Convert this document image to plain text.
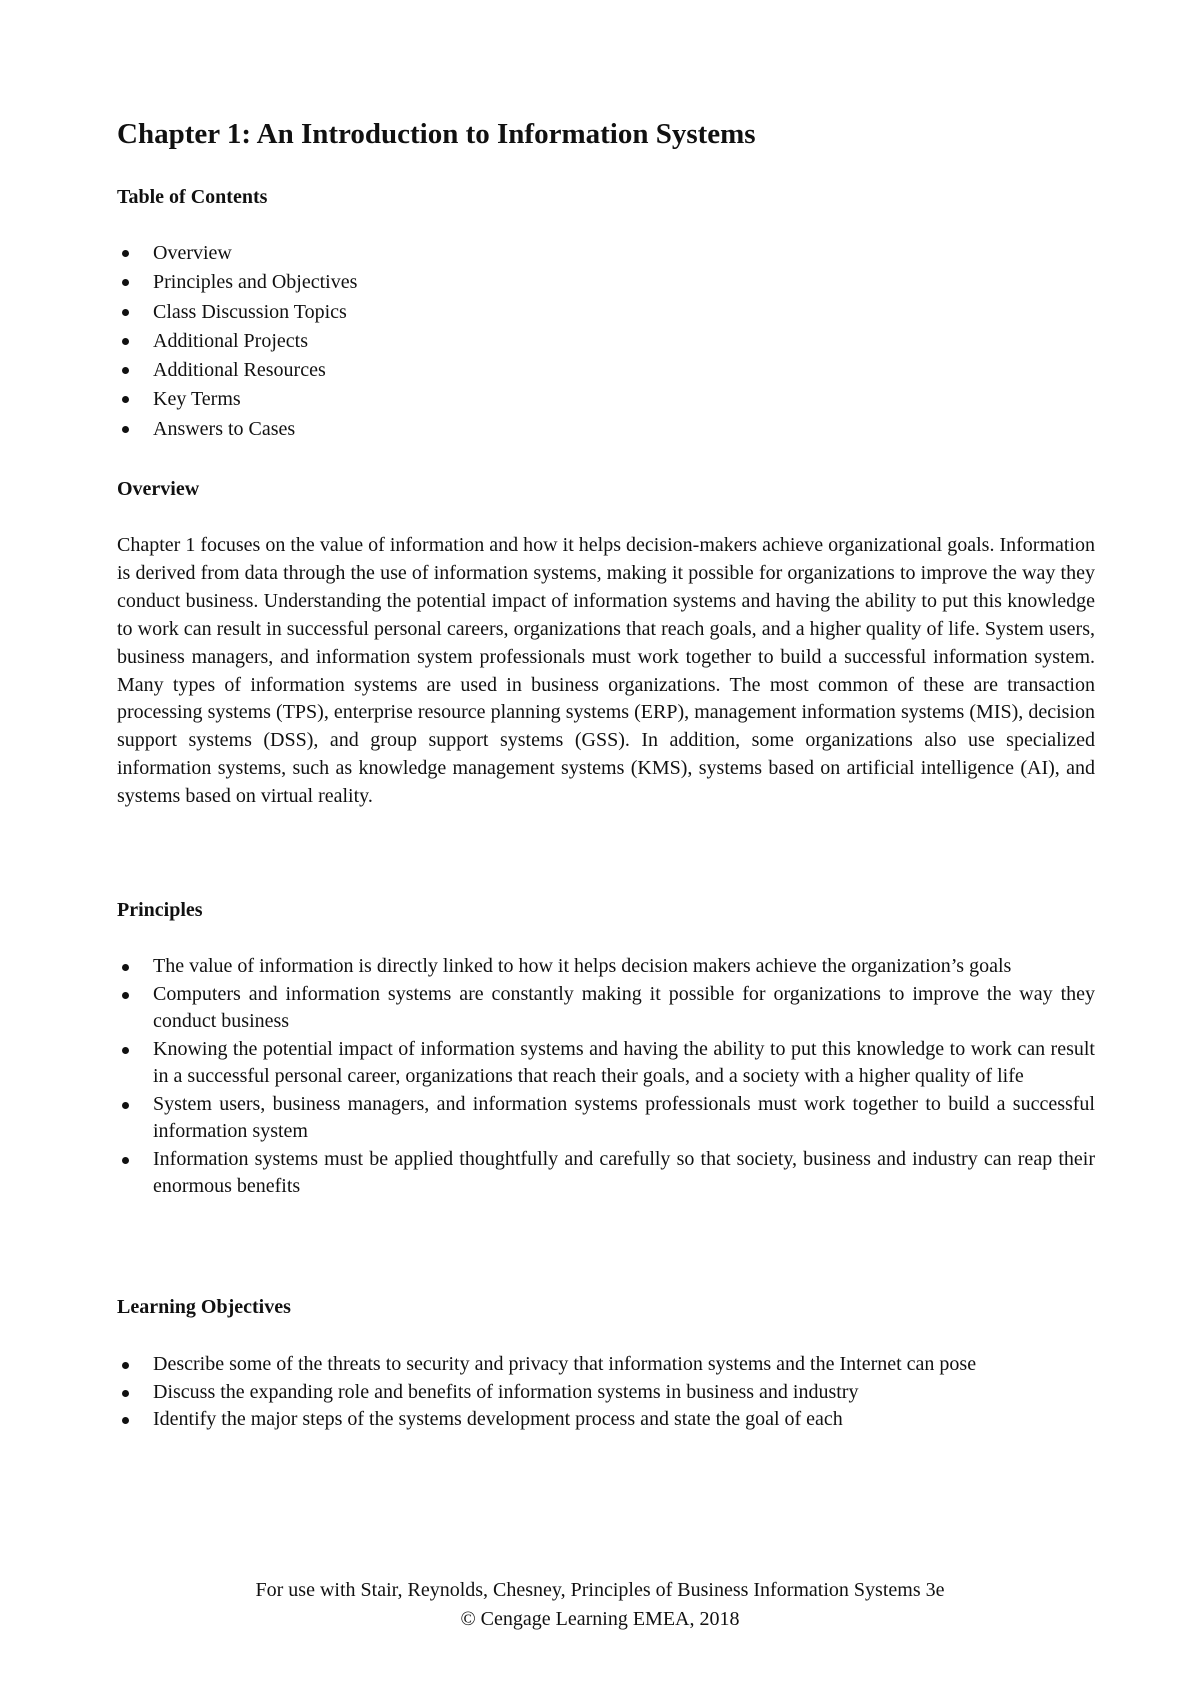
Chapter 1: An Introduction to Information Systems
Table of Contents
Overview
Principles and Objectives
Class Discussion Topics
Additional Projects
Additional Resources
Key Terms
Answers to Cases
Overview

Chapter 1 focuses on the value of information and how it helps decision-makers achieve organizational goals. Information is derived from data through the use of information systems, making it possible for organizations to improve the way they conduct business. Understanding the potential impact of information systems and having the ability to put this knowledge to work can result in successful personal careers, organizations that reach goals, and a higher quality of life. System users, business managers, and information system professionals must work together to build a successful information system. Many types of information systems are used in business organizations. The most common of these are transaction processing systems (TPS), enterprise resource planning systems (ERP), management information systems (MIS), decision support systems (DSS), and group support systems (GSS). In addition, some organizations also use specialized information systems, such as knowledge management systems (KMS), systems based on artificial intelligence (AI), and systems based on virtual reality.

Principles
The value of information is directly linked to how it helps decision makers achieve the organization’s goals
Computers and information systems are constantly making it possible for organizations to improve the way they conduct business
Knowing the potential impact of information systems and having the ability to put this knowledge to work can result in a successful personal career, organizations that reach their goals, and a society with a higher quality of life
System users, business managers, and information systems professionals must work together to build a successful information system
Information systems must be applied thoughtfully and carefully so that society, business and industry can reap their enormous benefits
Learning Objectives
Describe some of the threats to security and privacy that information systems and the Internet can pose
Discuss the expanding role and benefits of information systems in business and industry
Identify the major steps of the systems development process and state the goal of each
For use with Stair, Reynolds, Chesney, Principles of Business Information Systems 3e
© Cengage Learning EMEA, 2018
